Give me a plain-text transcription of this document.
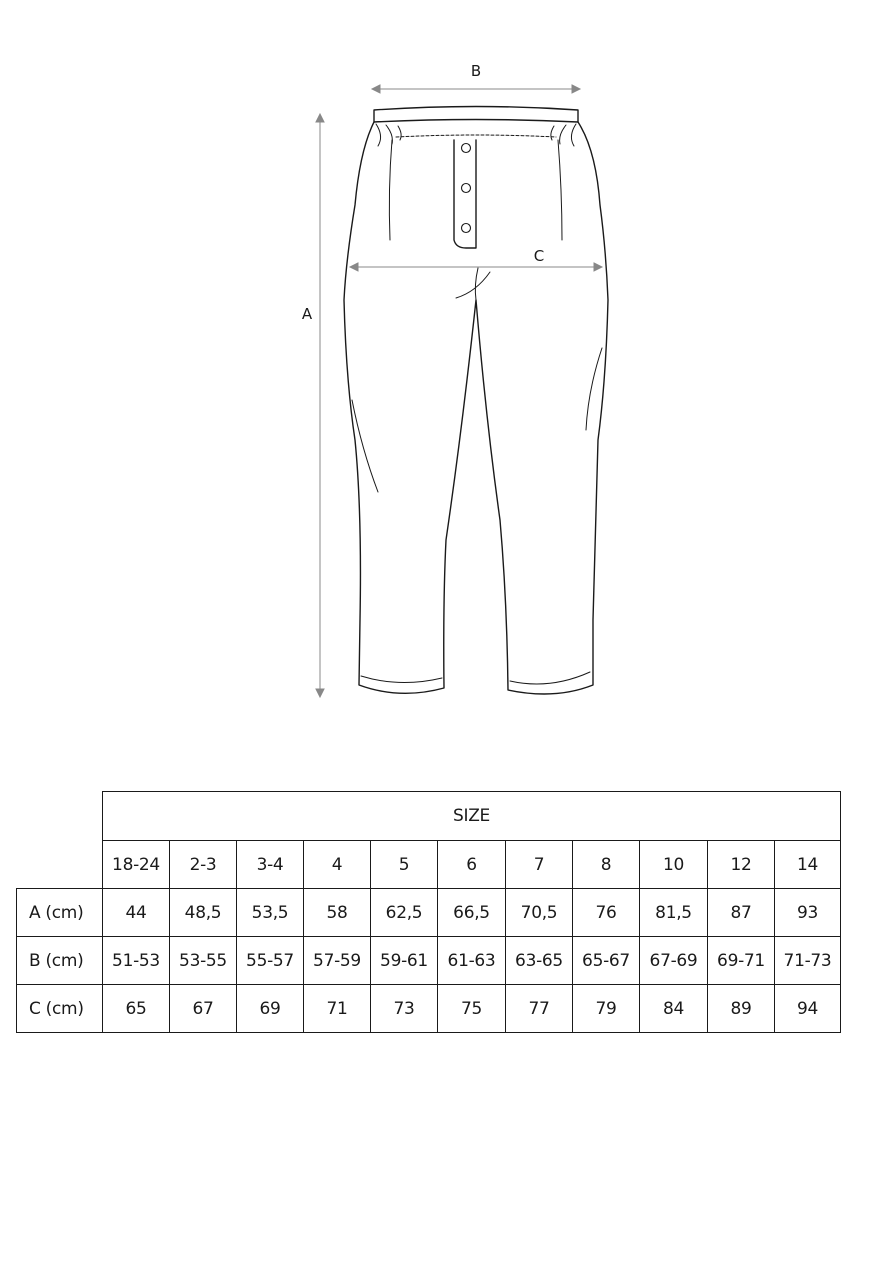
B
A
C
	SIZE										
	18-24	2-3	3-4	4	5	6	7	8	10	12	14
A (cm)	44	48,5	53,5	58	62,5	66,5	70,5	76	81,5	87	93
B (cm)	51-53	53-55	55-57	57-59	59-61	61-63	63-65	65-67	67-69	69-71	71-73
C (cm)	65	67	69	71	73	75	77	79	84	89	94
